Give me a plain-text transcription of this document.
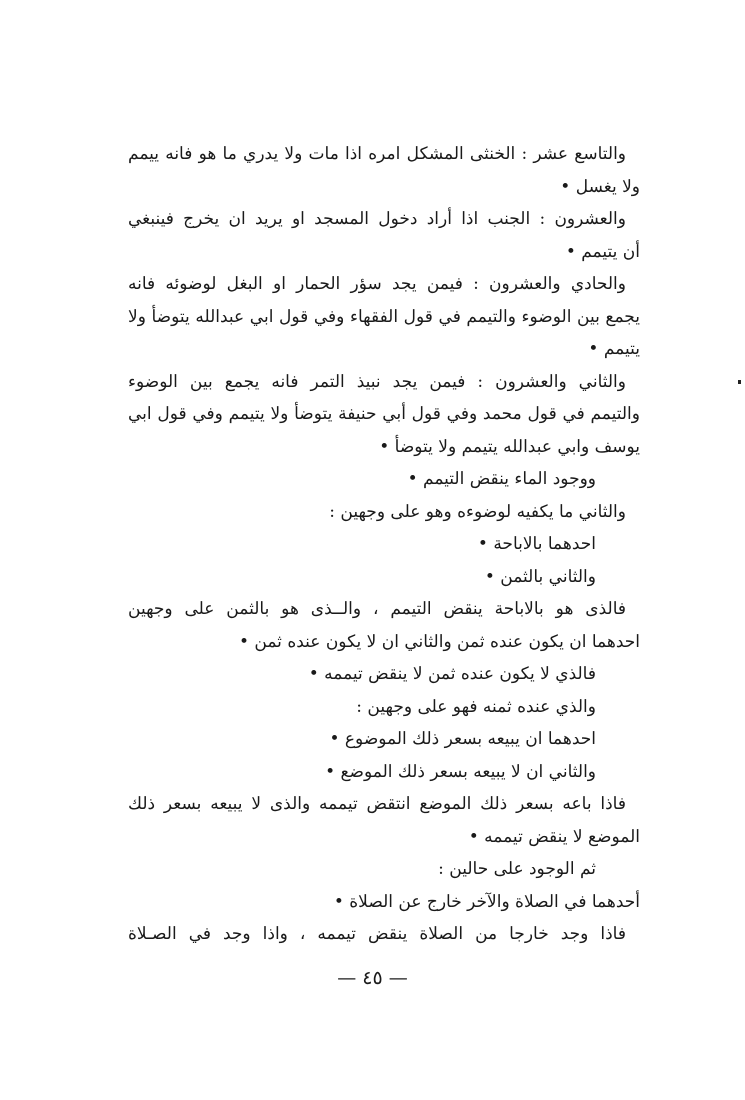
والتاسع عشر : الخنثى المشكل امره اذا مات ولا يدري ما هو فانه ييمم
ولا يغسل •
والعشرون : الجنب اذا أراد دخول المسجد او يريد ان يخرج فينبغي
أن يتيمم •
والحادي والعشرون : فيمن يجد سؤر الحمار او البغل لوضوئه فانه
يجمع بين الوضوء والتيمم في قول الفقهاء وفي قول ابي عبدالله يتوضأ ولا
يتيمم •
والثاني والعشرون : فيمن يجد نبيذ التمر فانه يجمع بين الوضوء
والتيمم في قول محمد وفي قول أبي حنيفة يتوضأ ولا يتيمم وفي قول ابي
يوسف وابي عبدالله يتيمم ولا يتوضأ •
ووجود الماء ينقض التيمم •
والثاني ما يكفيه لوضوءه وهو على وجهين :
احدهما بالاباحة •
والثاني بالثمن •
فالذى هو بالاباحة ينقض التيمم ، والــذى هو بالثمن على وجهين
احدهما ان يكون عنده ثمن والثاني ان لا يكون عنده ثمن •
فالذي لا يكون عنده ثمن لا ينقض تيممه •
والذي عنده ثمنه فهو على وجهين :
احدهما ان يبيعه بسعر ذلك الموضوع •
والثاني ان لا يبيعه بسعر ذلك الموضع •
فاذا باعه بسعر ذلك الموضع انتقض تيممه والذى لا يبيعه بسعر ذلك
الموضع لا ينقض تيممه •
ثم الوجود على حالين :
أحدهما في الصلاة والآخر خارج عن الصلاة •
فاذا وجد خارجا من الصلاة ينقض تيممه ، واذا وجد في الصـلاة
— ٤٥ —
